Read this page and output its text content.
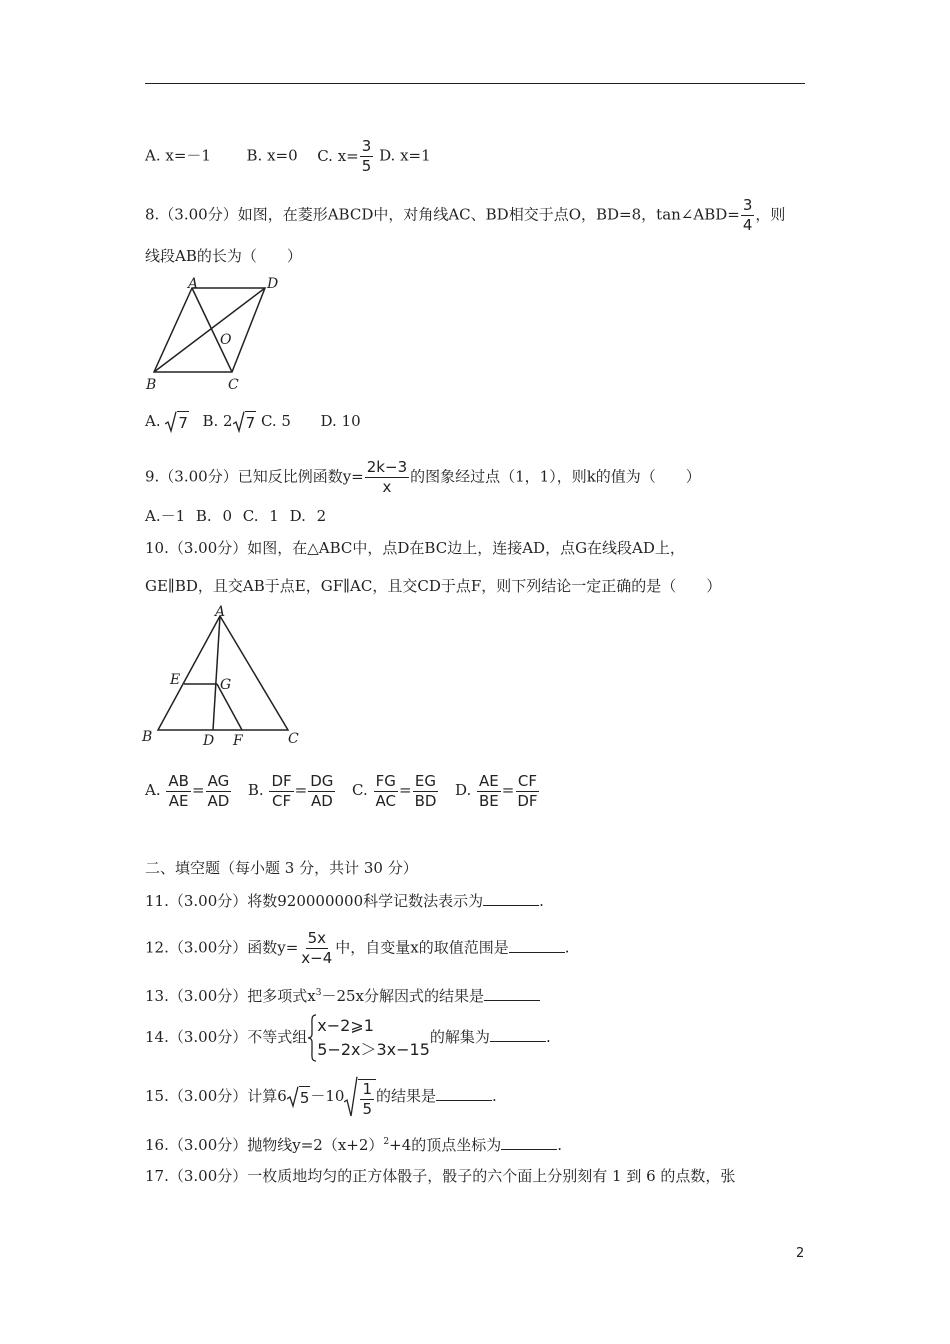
A. x=－1 B. x=0 C. $x= \frac{3}{5} D$. x=1
8.（3.00分）如图，在菱形ABCD中，对角线AC、BD相交于点O，BD=8，tan∠ABD= $\frac{3}{4}$ ，则
线段AB的长为（　　）
A	D
O
B	C
A. 7 B. 2 7 C. 5 D. 10
9.（3.00分）已知反比例函数$y= \frac{2k-3}{x}$ 的图象经过点（1，1），则k的值为（　　）
A.－1 B. 0 C. 1 D. 2
10.（3.00分）如图，在△ABC中，点D在BC边上，连接AD，点G在线段AD上，
GE∥BD，且交AB于点E，GF∥AC，且交CD于点F，则下列结论一定正确的是（　　）
A
E	G
B	D F	C
A. $\frac{AB}{AE} = \frac{AG}{AD} B$. $\frac{DF}{CF} = \frac{DG}{AD} C$. $\frac{FG}{AC} = \frac{EG}{BD} D$. $\frac{AE}{BE} = \frac{CF}{DF}$
二、填空题（每小题 3 分，共计 30 分）
11.（3.00分）将数920000000科学记数法表示为	.
12.（3.00分）函数$y= \frac{5x}{x-4}$ 中，自变量x的取值范围是	.
13.（3.00分）把多项式$x^3-25x$分解因式的结果是
14.（3.00分）不等式组
x−2⩾1
5−2x＞3x−15
的解集为	.
15.（3.00分）计算6 $5 -10 \frac{1}{5}$ 的结果是	.
16.（3.00分）抛物线$y=2(x+2)^2+4$的顶点坐标为	.
17.（3.00分）一枚质地均匀的正方体骰子，骰子的六个面上分别刻有 1 到 6 的点数，张
2
